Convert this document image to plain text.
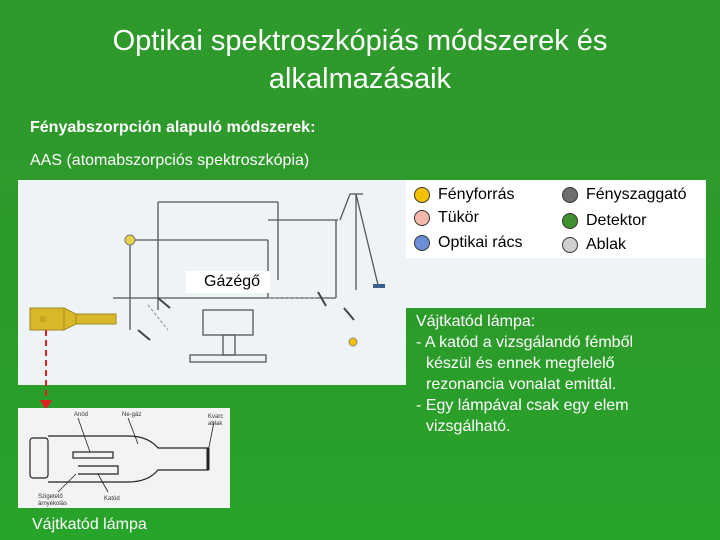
Optikai spektroszkópiás módszerek és
alkalmazásaik
Fényabszorpción alapuló módszerek:
AAS (atomabszorpciós spektroszkópia)
Gázégő
Fényforrás
Tükör
Optikai rács
Fényszaggató
Detektor
Ablak

Vájtkatód lámpa:

- A katód a vizsgálandó fémből

készül és ennek megfelelő

rezonancia vonalat emittál.

- Egy lámpával csak egy elem

vizsgálható.

Anód	Ne-gáz	Kvarc
ablak
Szigetelő
árnyékolás
Katód
Vájtkatód lámpa
